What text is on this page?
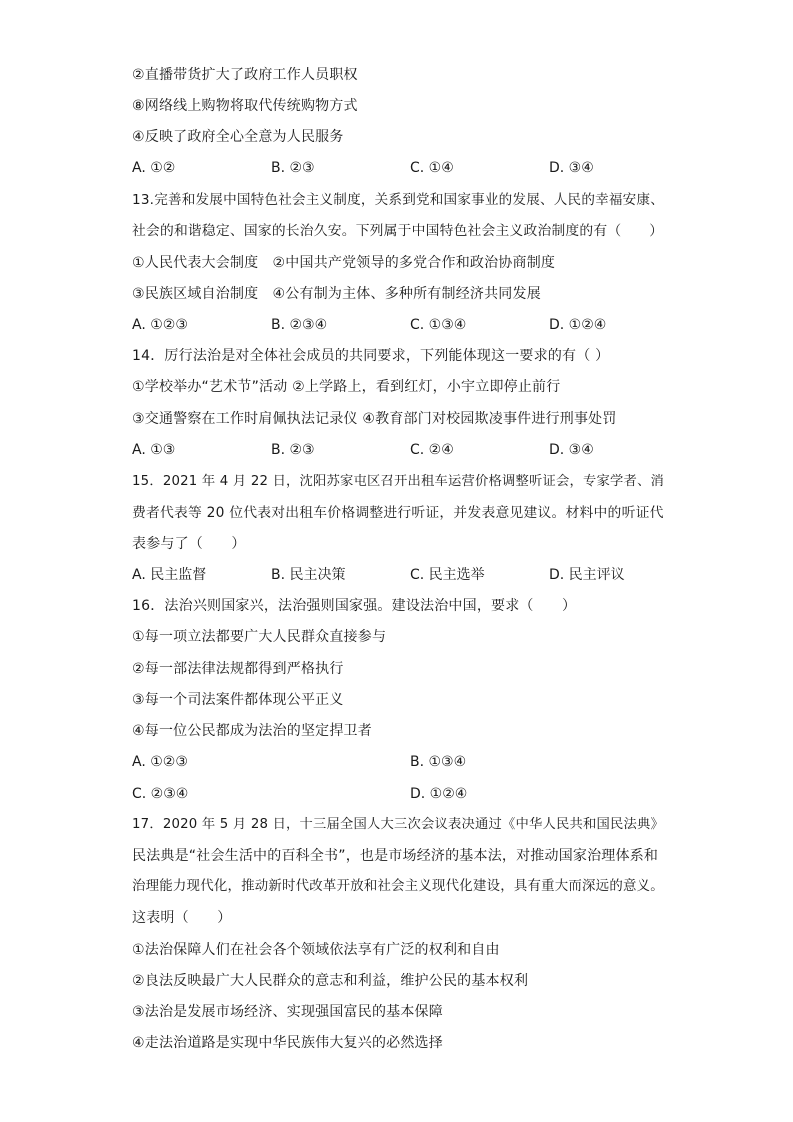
②直播带货扩大了政府工作人员职权
⑧网络线上购物将取代传统购物方式
④反映了政府全心全意为人民服务
A. ①②	B. ②③	C. ①④	D. ③④
13.完善和发展中国特色社会主义制度，关系到党和国家事业的发展、人民的幸福安康、
社会的和谐稳定、国家的长治久安。下列属于中国特色社会主义政治制度的有（　　）
①人民代表大会制度　②中国共产党领导的多党合作和政治协商制度
③民族区域自治制度　④公有制为主体、多种所有制经济共同发展
A. ①②③	B. ②③④	C. ①③④	D. ①②④
14．厉行法治是对全体社会成员的共同要求，下列能体现这一要求的有（ ）
①学校举办“艺术节”活动 ②上学路上，看到红灯，小宇立即停止前行
③交通警察在工作时肩佩执法记录仪 ④教育部门对校园欺凌事件进行刑事处罚
A. ①③	B. ②③	C. ②④	D. ③④
15．2021 年 4 月 22 日，沈阳苏家屯区召开出租车运营价格调整听证会，专家学者、消
费者代表等 20 位代表对出租车价格调整进行听证，并发表意见建议。材料中的听证代
表参与了（　　）
A. 民主监督	B. 民主决策	C. 民主选举	D. 民主评议
16．法治兴则国家兴，法治强则国家强。建设法治中国，要求（　　）
①每一项立法都要广大人民群众直接参与
②每一部法律法规都得到严格执行
③每一个司法案件都体现公平正义
④每一位公民都成为法治的坚定捍卫者
A. ①②③	B. ①③④
C. ②③④	D. ①②④
17．2020 年 5 月 28 日，十三届全国人大三次会议表决通过《中华人民共和国民法典》
民法典是“社会生活中的百科全书”，也是市场经济的基本法，对推动国家治理体系和
治理能力现代化，推动新时代改革开放和社会主义现代化建设，具有重大而深远的意义。
这表明（　　）
①法治保障人们在社会各个领域依法享有广泛的权利和自由
②良法反映最广大人民群众的意志和利益，维护公民的基本权利
③法治是发展市场经济、实现强国富民的基本保障
④走法治道路是实现中华民族伟大复兴的必然选择
